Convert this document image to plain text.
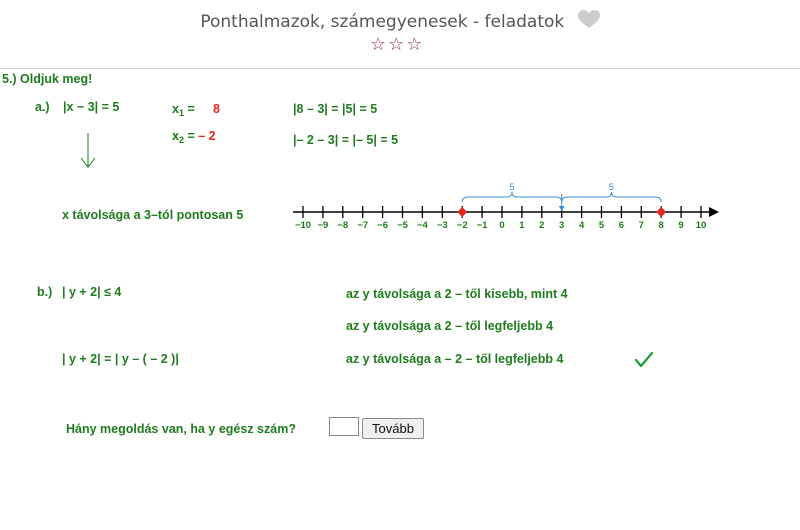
Ponthalmazok, számegyenesek - feladatok
☆☆☆
5.) Oldjuk meg!
a.) |x − 3| = 5	$x_1 = 8$
$x_2$ = – 2
|8 – 3| = |5| = 5
|– 2 – 3| = |– 5| = 5
x távolsága a 3–tól pontosan 5
−10 −9 −8 −7 −6 −5 −4 −3 −2 −1 0 1 2 3 4 5 6 7 8 9 10
5	5
b.) | y + 2| ≤ 4
| y + 2| = | y – ( – 2 )|
az y távolsága a 2 – től kisebb, mint 4
az y távolsága a 2 – től legfeljebb 4
az y távolsága a – 2 – től legfeljebb 4
Hány megoldás van, ha y egész szám?	Tovább
